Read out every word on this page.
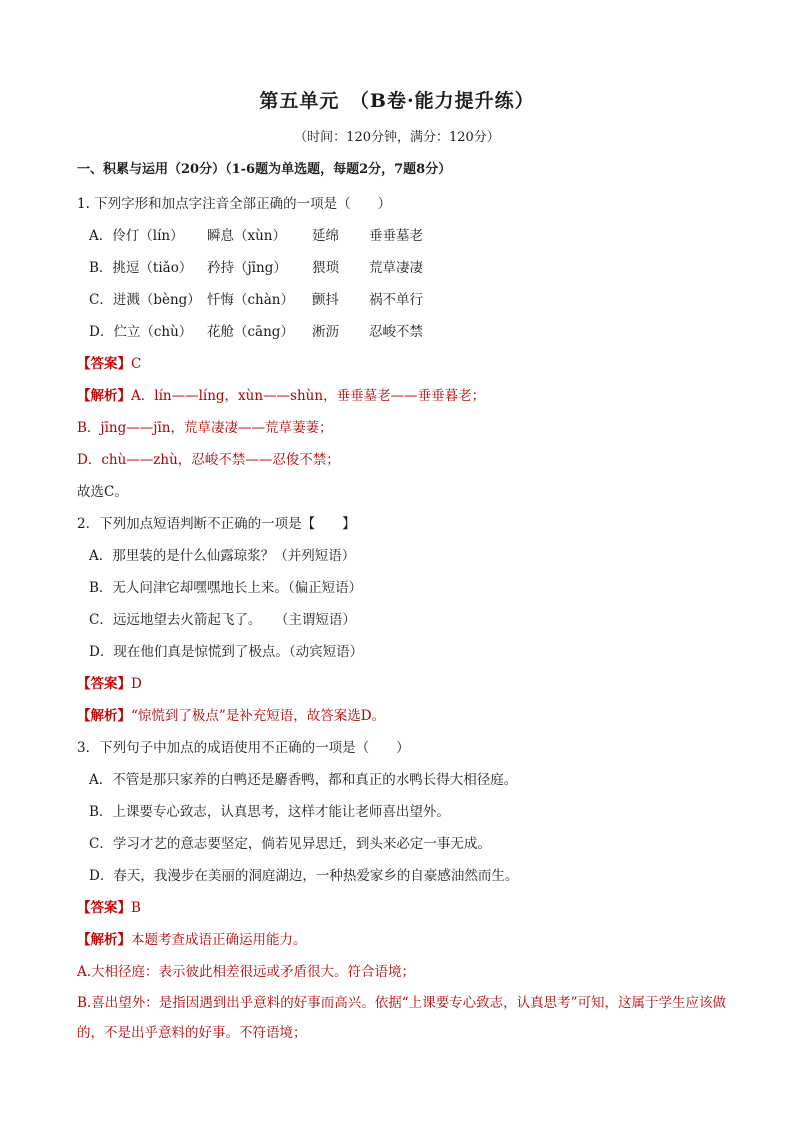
第五单元　（B卷·能力提升练）
（时间：120分钟，满分：120分）
一、积累与运用（20分）（1-6题为单选题，每题2分，7题8分）
1. 下列字形和加点字注音全部正确的一项是（　　）
A．伶仃（lín） 瞬息（xùn） 延绵 垂垂墓老
B．挑逗（tiǎo） 矜持（jīng） 猥琐 荒草凄凄
C．迸溅（bèng） 忏悔（chàn） 颤抖 祸不单行
D．伫立（chù） 花舱（cāng） 淅沥 忍峻不禁
【答案】C
【解析】A．lín——líng，xùn——shùn，垂垂墓老——垂垂暮老；
B．jīng——jīn，荒草凄凄——荒草萋萋；
D．chù——zhù，忍峻不禁——忍俊不禁；
故选C。
2．下列加点短语判断不正确的一项是【　　】
A．那里装的是什么仙露琼浆？（并列短语）
B．无人问津它却嘿嘿地长上来。（偏正短语）
C．远远地望去火箭起飞了。　　（主谓短语）
D．现在他们真是惊慌到了极点。（动宾短语）
【答案】D
【解析】“惊慌到了极点”是补充短语，故答案选D。
3．下列句子中加点的成语使用不正确的一项是（　　）
A．不管是那只家养的白鸭还是麝香鸭，都和真正的水鸭长得大相径庭。
B．上课要专心致志，认真思考，这样才能让老师喜出望外。
C．学习才艺的意志要坚定，倘若见异思迁，到头来必定一事无成。
D．春天，我漫步在美丽的洞庭湖边，一种热爱家乡的自豪感油然而生。
【答案】B
【解析】本题考查成语正确运用能力。
A.大相径庭：表示彼此相差很远或矛盾很大。符合语境；
B.喜出望外：是指因遇到出乎意料的好事而高兴。依据“上课要专心致志，认真思考”可知，这属于学生应该做的，不是出乎意料的好事。不符语境；
